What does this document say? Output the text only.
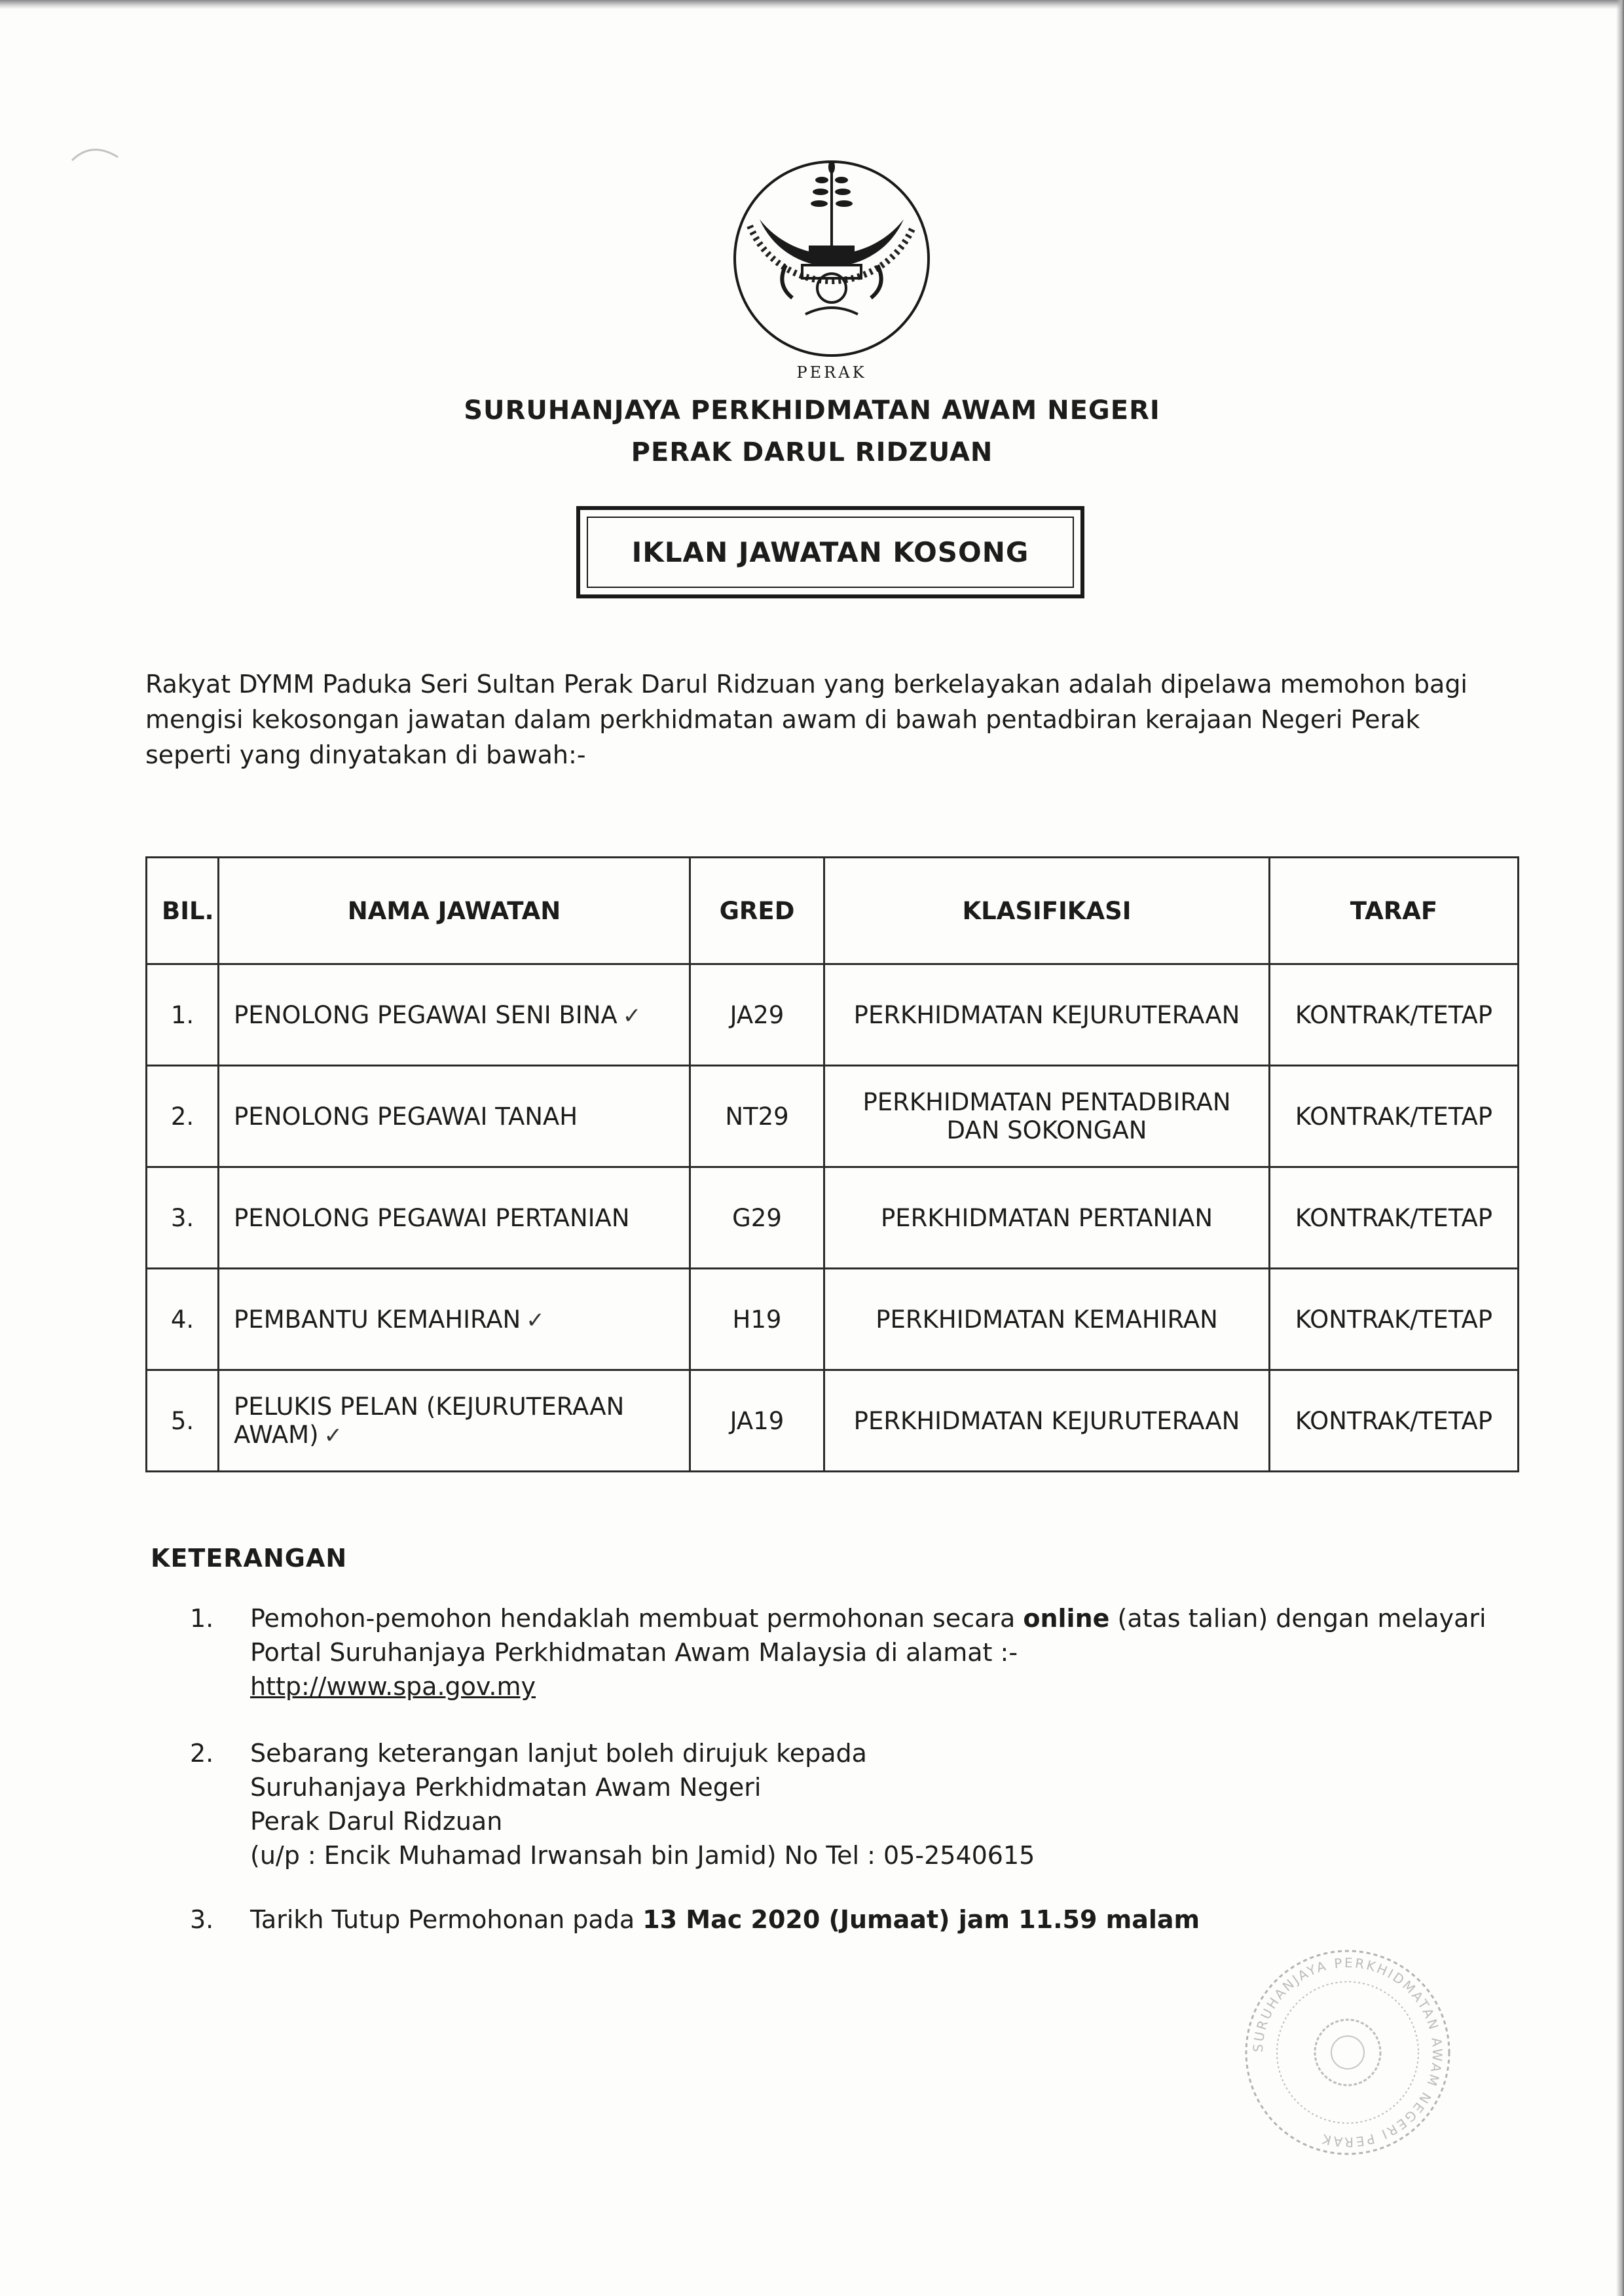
PERAK
SURUHANJAYA PERKHIDMATAN AWAM NEGERI
PERAK DARUL RIDZUAN
IKLAN JAWATAN KOSONG
Rakyat DYMM Paduka Seri Sultan Perak Darul Ridzuan yang berkelayakan adalah dipelawa memohon bagi mengisi kekosongan jawatan dalam perkhidmatan awam di bawah pentadbiran kerajaan Negeri Perak seperti yang dinyatakan di bawah:-
BIL.	NAMA JAWATAN	GRED	KLASIFIKASI	TARAF
1.	PENOLONG PEGAWAI SENI BINA ✓	JA29	PERKHIDMATAN KEJURUTERAAN	KONTRAK/TETAP
2.	PENOLONG PEGAWAI TANAH	NT29	PERKHIDMATAN PENTADBIRAN DAN SOKONGAN	KONTRAK/TETAP
3.	PENOLONG PEGAWAI PERTANIAN	G29	PERKHIDMATAN PERTANIAN	KONTRAK/TETAP
4.	PEMBANTU KEMAHIRAN ✓	H19	PERKHIDMATAN KEMAHIRAN	KONTRAK/TETAP
5.	PELUKIS PELAN (KEJURUTERAAN AWAM) ✓	JA19	PERKHIDMATAN KEJURUTERAAN	KONTRAK/TETAP
KETERANGAN
1.	Pemohon-pemohon hendaklah membuat permohonan secara online (atas talian) dengan melayari Portal Suruhanjaya Perkhidmatan Awam Malaysia di alamat :-
http://www.spa.gov.my
2.	Sebarang keterangan lanjut boleh dirujuk kepada
Suruhanjaya Perkhidmatan Awam Negeri
Perak Darul Ridzuan
(u/p : Encik Muhamad Irwansah bin Jamid) No Tel : 05-2540615
3.	Tarikh Tutup Permohonan pada 13 Mac 2020 (Jumaat) jam 11.59 malam
SURUHANJAYA PERKHIDMATAN AWAM NEGERI PERAK
